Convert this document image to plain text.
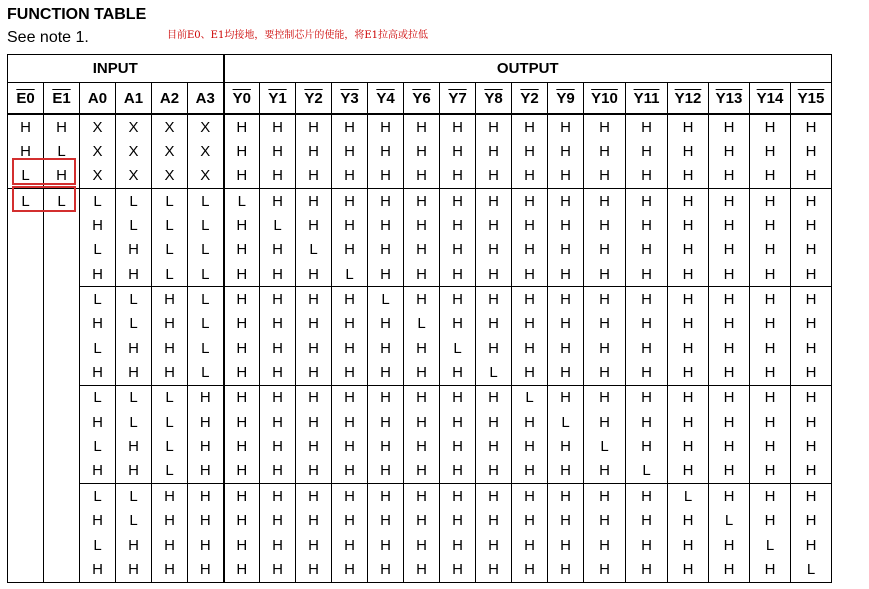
FUNCTION TABLE
See note 1.	目前E0、E1均接地，要控制芯片的使能，将E1拉高或拉低
INPUT						OUTPUT															
E0	E1	A0	A1	A2	A3	Y0	Y1	Y2	Y3	Y4	Y6	Y7	Y8	Y2	Y9	Y10	Y11	Y12	Y13	Y14	Y15
H	H	X	X	X	X	H	H	H	H	H	H	H	H	H	H	H	H	H	H	H	H
H	L	X	X	X	X	H	H	H	H	H	H	H	H	H	H	H	H	H	H	H	H
L	H	X	X	X	X	H	H	H	H	H	H	H	H	H	H	H	H	H	H	H	H
L	L	L	L	L	L	L	H	H	H	H	H	H	H	H	H	H	H	H	H	H	H
		H	L	L	L	H	L	H	H	H	H	H	H	H	H	H	H	H	H	H	H
		L	H	L	L	H	H	L	H	H	H	H	H	H	H	H	H	H	H	H	H
		H	H	L	L	H	H	H	L	H	H	H	H	H	H	H	H	H	H	H	H
		L	L	H	L	H	H	H	H	L	H	H	H	H	H	H	H	H	H	H	H
		H	L	H	L	H	H	H	H	H	L	H	H	H	H	H	H	H	H	H	H
		L	H	H	L	H	H	H	H	H	H	L	H	H	H	H	H	H	H	H	H
		H	H	H	L	H	H	H	H	H	H	H	L	H	H	H	H	H	H	H	H
		L	L	L	H	H	H	H	H	H	H	H	H	L	H	H	H	H	H	H	H
		H	L	L	H	H	H	H	H	H	H	H	H	H	L	H	H	H	H	H	H
		L	H	L	H	H	H	H	H	H	H	H	H	H	H	L	H	H	H	H	H
		H	H	L	H	H	H	H	H	H	H	H	H	H	H	H	L	H	H	H	H
		L	L	H	H	H	H	H	H	H	H	H	H	H	H	H	H	L	H	H	H
		H	L	H	H	H	H	H	H	H	H	H	H	H	H	H	H	H	L	H	H
		L	H	H	H	H	H	H	H	H	H	H	H	H	H	H	H	H	H	L	H
		H	H	H	H	H	H	H	H	H	H	H	H	H	H	H	H	H	H	H	L
